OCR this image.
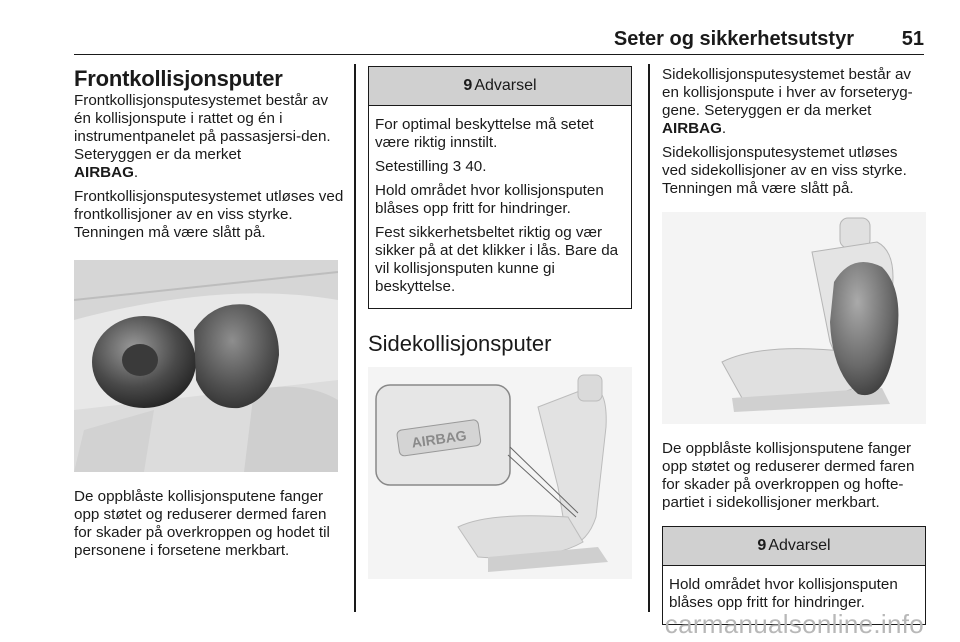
Seter og sikkerhetsutstyr 51
Frontkollisjonsputer

Frontkollisjonsputesystemet består av én kollisjonspute i rattet og én i instrumentpanelet på passasjersi-den. Seteryggen er da merket
AIRBAG.

Frontkollisjonsputesystemet utløses ved frontkollisjoner av en viss styrke. Tenningen må være slått på.

De oppblåste kollisjonsputene fanger opp støtet og reduserer dermed faren for skader på overkroppen og hodet til personene i forsetene merkbart.

9 Advarsel

For optimal beskyttelse må setet være riktig innstilt.

Setestilling 3 40.

Hold området hvor kollisjonsputen blåses opp fritt for hindringer.

Fest sikkerhetsbeltet riktig og vær sikker på at det klikker i lås. Bare da vil kollisjonsputen kunne gi beskyttelse.

Sidekollisjonsputer
AIRBAG

Sidekollisjonsputesystemet består av en kollisjonspute i hver av forseteryg-gene. Seteryggen er da merket
AIRBAG.

Sidekollisjonsputesystemet utløses ved sidekollisjoner av en viss styrke. Tenningen må være slått på.

De oppblåste kollisjonsputene fanger opp støtet og reduserer dermed faren for skader på overkroppen og hofte-partiet i sidekollisjoner merkbart.

9 Advarsel

Hold området hvor kollisjonsputen blåses opp fritt for hindringer.

carmanualsonline.info
